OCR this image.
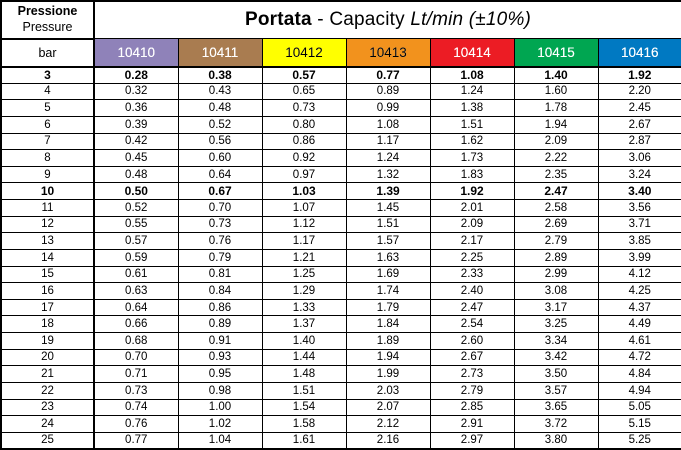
Pressione
Pressure	Portata - Capacity Lt/min (±10%)						
	10410	10411	10412	10413	10414	10415	10416
bar							
3	0.28	0.38	0.57	0.77	1.08	1.40	1.92
4	0.32	0.43	0.65	0.89	1.24	1.60	2.20
5	0.36	0.48	0.73	0.99	1.38	1.78	2.45
6	0.39	0.52	0.80	1.08	1.51	1.94	2.67
7	0.42	0.56	0.86	1.17	1.62	2.09	2.87
8	0.45	0.60	0.92	1.24	1.73	2.22	3.06
9	0.48	0.64	0.97	1.32	1.83	2.35	3.24
10	0.50	0.67	1.03	1.39	1.92	2.47	3.40
11	0.52	0.70	1.07	1.45	2.01	2.58	3.56
12	0.55	0.73	1.12	1.51	2.09	2.69	3.71
13	0.57	0.76	1.17	1.57	2.17	2.79	3.85
14	0.59	0.79	1.21	1.63	2.25	2.89	3.99
15	0.61	0.81	1.25	1.69	2.33	2.99	4.12
16	0.63	0.84	1.29	1.74	2.40	3.08	4.25
17	0.64	0.86	1.33	1.79	2.47	3.17	4.37
18	0.66	0.89	1.37	1.84	2.54	3.25	4.49
19	0.68	0.91	1.40	1.89	2.60	3.34	4.61
20	0.70	0.93	1.44	1.94	2.67	3.42	4.72
21	0.71	0.95	1.48	1.99	2.73	3.50	4.84
22	0.73	0.98	1.51	2.03	2.79	3.57	4.94
23	0.74	1.00	1.54	2.07	2.85	3.65	5.05
24	0.76	1.02	1.58	2.12	2.91	3.72	5.15
25	0.77	1.04	1.61	2.16	2.97	3.80	5.25
